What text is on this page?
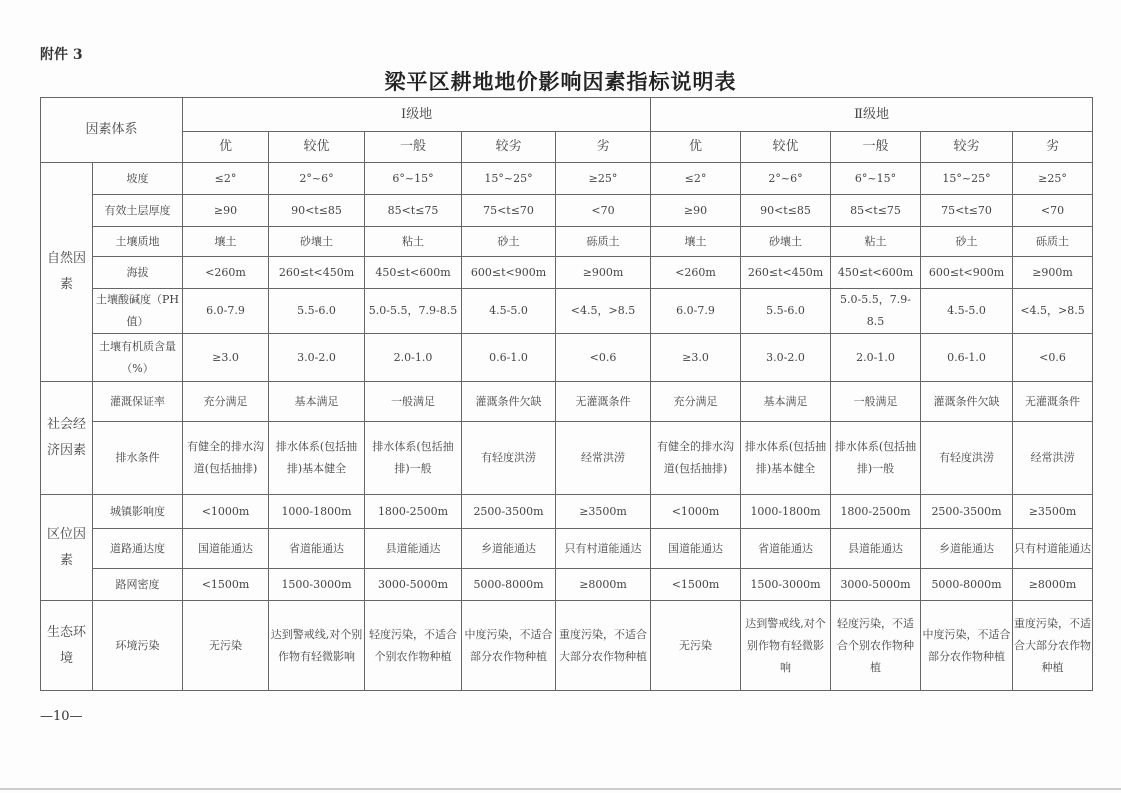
附件 3
梁平区耕地地价影响因素指标说明表
因素体系		Ⅰ级地					Ⅱ级地				
		优	较优	一般	较劣	劣	优	较优	一般	较劣	劣
自然因素	坡度	≤2°	2°~6°	6°~15°	15°~25°	≥25°	≤2°	2°~6°	6°~15°	15°~25°	≥25°
	有效土层厚度	≥90	90<t≤85	85<t≤75	75<t≤70	<70	≥90	90<t≤85	85<t≤75	75<t≤70	<70
	土壤质地	壤土	砂壤土	粘土	砂土	砾质土	壤土	砂壤土	粘土	砂土	砾质土
	海拔	<260m	260≤t<450m	450≤t<600m	600≤t<900m	≥900m	<260m	260≤t<450m	450≤t<600m	600≤t<900m	≥900m
	土壤酸碱度（PH 值）	6.0-7.9	5.5-6.0	5.0-5.5，7.9-8.5	4.5-5.0	<4.5，>8.5	6.0-7.9	5.5-6.0	5.0-5.5，7.9-8.5	4.5-5.0	<4.5，>8.5
	土壤有机质含量（%）	≥3.0	3.0-2.0	2.0-1.0	0.6-1.0	<0.6	≥3.0	3.0-2.0	2.0-1.0	0.6-1.0	<0.6
社会经济因素	灌溉保证率	充分满足	基本满足	一般满足	灌溉条件欠缺	无灌溉条件	充分满足	基本满足	一般满足	灌溉条件欠缺	无灌溉条件
	排水条件	有健全的排水沟道(包括抽排)	排水体系(包括抽排)基本健全	排水体系(包括抽排)一般	有轻度洪涝	经常洪涝	有健全的排水沟道(包括抽排)	排水体系(包括抽排)基本健全	排水体系(包括抽排)一般	有轻度洪涝	经常洪涝
区位因素	城镇影响度	<1000m	1000-1800m	1800-2500m	2500-3500m	≥3500m	<1000m	1000-1800m	1800-2500m	2500-3500m	≥3500m
	道路通达度	国道能通达	省道能通达	县道能通达	乡道能通达	只有村道能通达	国道能通达	省道能通达	县道能通达	乡道能通达	只有村道能通达
	路网密度	<1500m	1500-3000m	3000-5000m	5000-8000m	≥8000m	<1500m	1500-3000m	3000-5000m	5000-8000m	≥8000m
生态环境	环境污染	无污染	达到警戒线,对个别作物有轻微影响	轻度污染，不适合个别农作物种植	中度污染，不适合部分农作物种植	重度污染，不适合大部分农作物种植	无污染	达到警戒线,对个别作物有轻微影响	轻度污染，不适合个别农作物种植	中度污染，不适合部分农作物种植	重度污染，不适合大部分农作物种植
—10—
